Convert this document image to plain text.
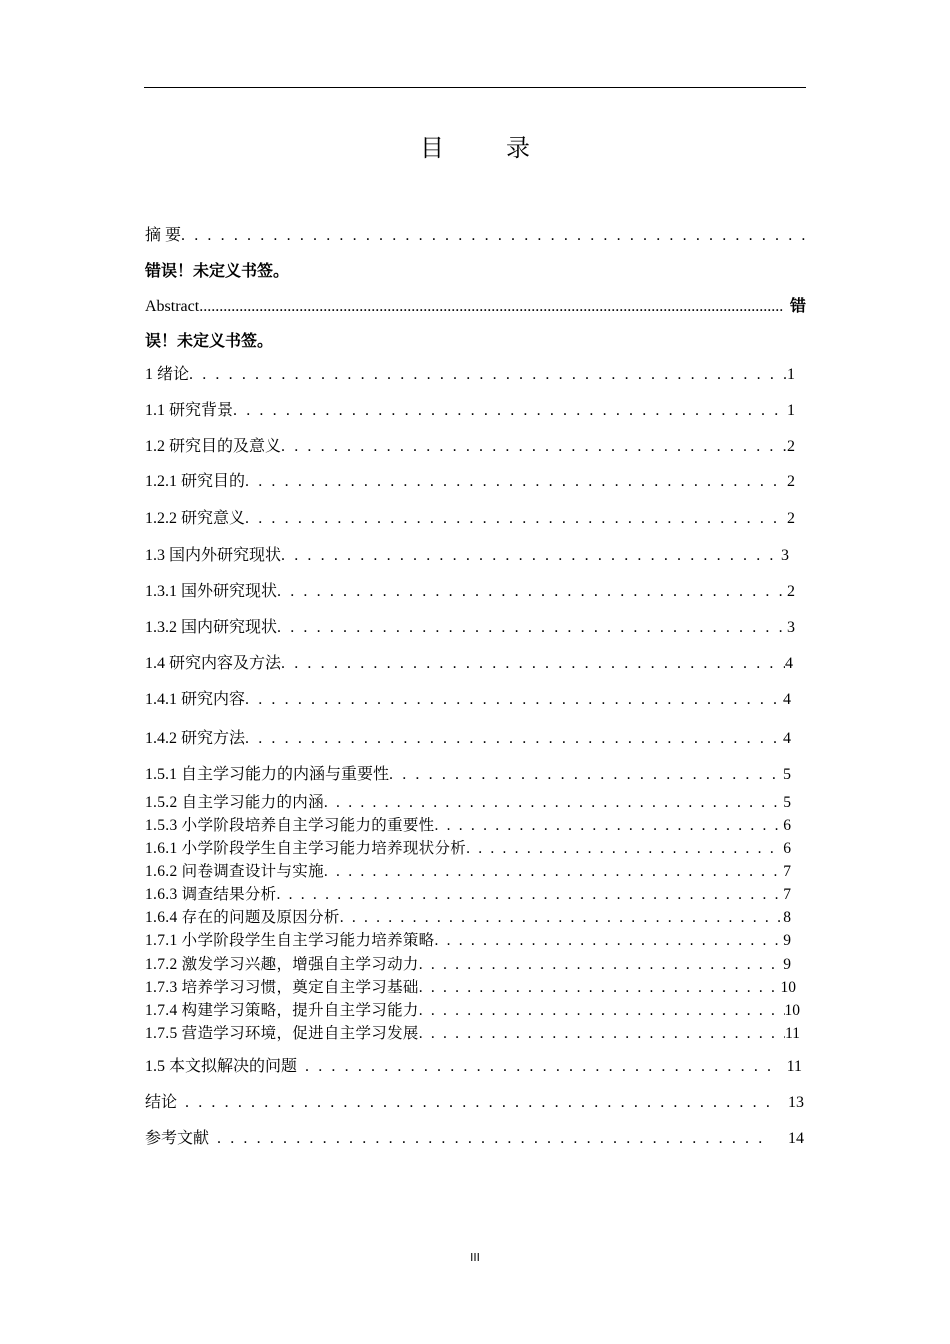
目 录
摘 要
. . .
错误！未定义书签。
Abstract .....	错
误！未定义书签。
1 绪论 . . .	1
1.1 研究背景 . . .	1
1.2 研究目的及意义 . . .	2
1.2.1 研究目的 . . .	2
1.2.2 研究意义 . . .	2
1.3 国内外研究现状 . . .	3
1.3.1 国外研究现状 . . .	2
1.3.2 国内研究现状 . . .	3
1.4 研究内容及方法 . . .	4
1.4.1 研究内容 . . .	4
1.4.2 研究方法 . . .	4
1.5.1 自主学习能力的内涵与重要性 . . .	5
1.5.2 自主学习能力的内涵 . . .	5
1.5.3 小学阶段培养自主学习能力的重要性 . . .	6
1.6.1 小学阶段学生自主学习能力培养现状分析 . . .	6
1.6.2 问卷调查设计与实施 . . .	7
1.6.3 调查结果分析 . . .	7
1.6.4 存在的问题及原因分析 . . .	8
1.7.1 小学阶段学生自主学习能力培养策略 . . .	9
1.7.2 激发学习兴趣，增强自主学习动力 . . .	9
1.7.3 培养学习习惯，奠定自主学习基础 . . .	10
1.7.4 构建学习策略，提升自主学习能力 . . .	10
1.7.5 营造学习环境，促进自主学习发展 . . .	11
1.5 本文拟解决的问题 . . .	11
结论 . . .	13
参考文献 . . .	14
III
